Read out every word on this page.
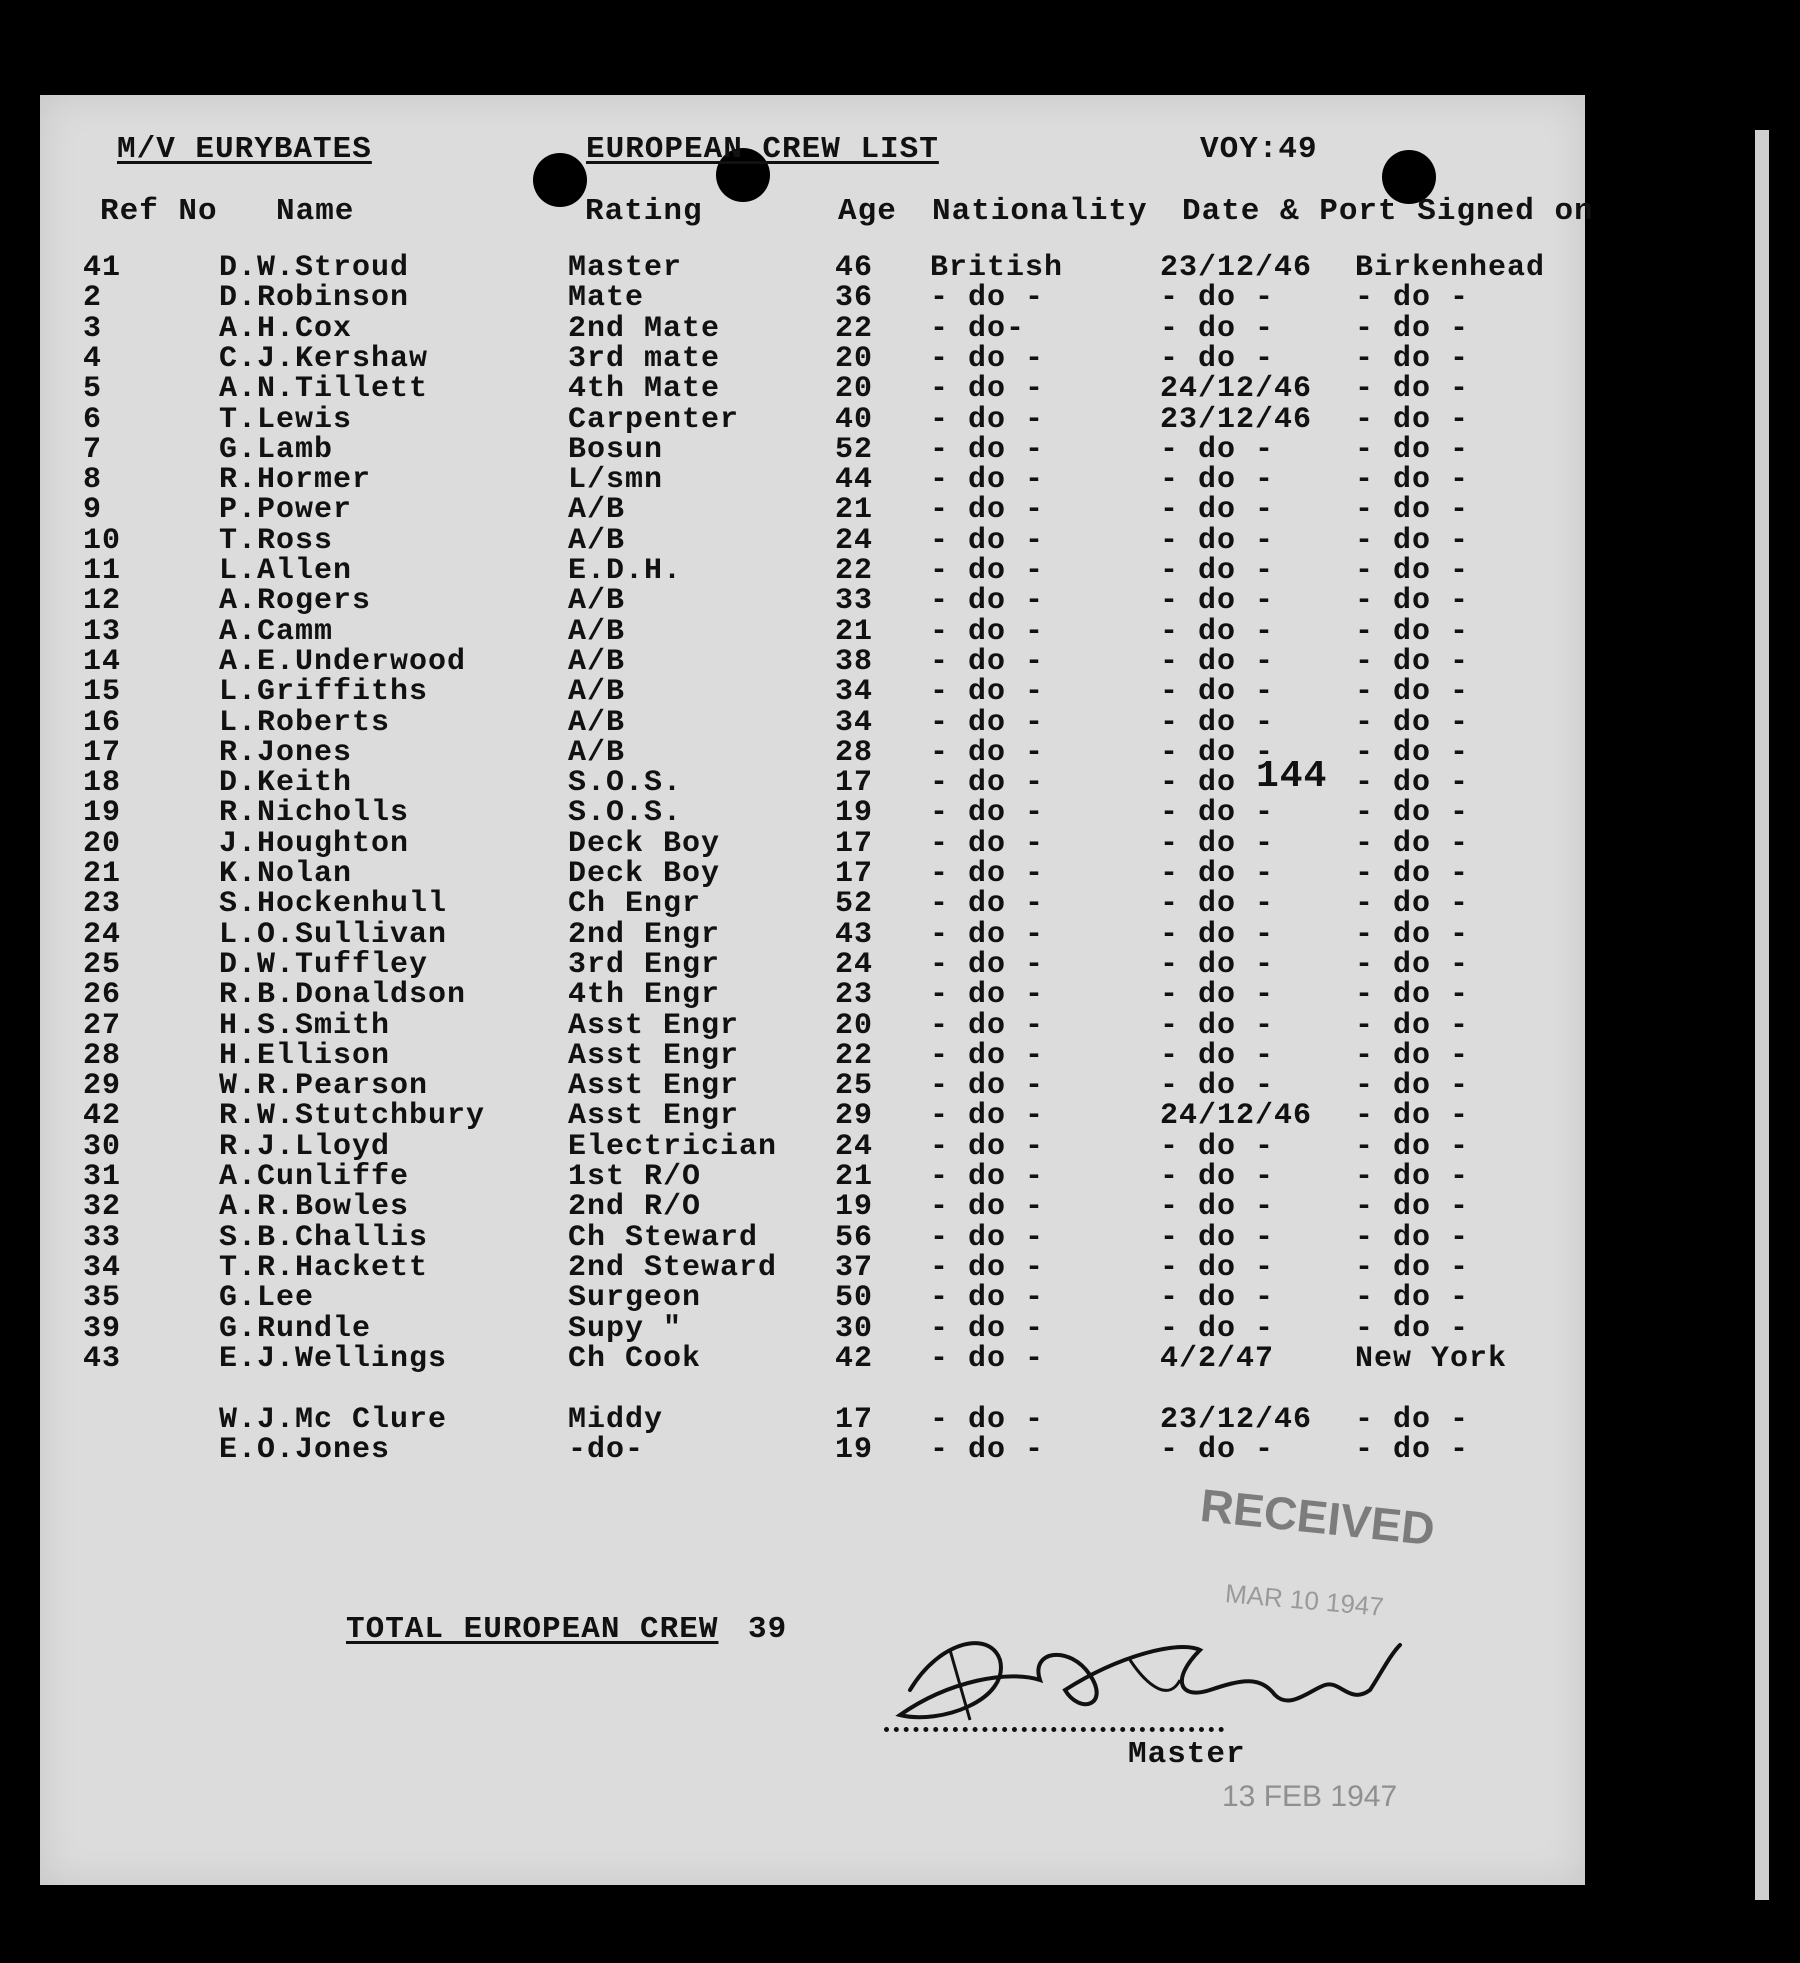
M/V EURYBATES	EUROPEAN CREW LIST	VOY:49
Ref No Name	Rating	Age Nationality Date & Port Signed on
41	D.W.Stroud	Master	46 British	23/12/46 Birkenhead
2	D.Robinson	Mate	36 - do -	- do -	- do -
3	A.H.Cox	2nd Mate	22 - do-	- do -	- do -
4	C.J.Kershaw	3rd mate	20 - do -	- do -	- do -
5	A.N.Tillett	4th Mate	20 - do -	24/12/46 - do -
6	T.Lewis	Carpenter	40 - do -	23/12/46 - do -
7	G.Lamb	Bosun	52 - do -	- do -	- do -
8	R.Hormer	L/smn	44 - do -	- do -	- do -
9	P.Power	A/B	21 - do -	- do -	- do -
10	T.Ross	A/B	24 - do -	- do -	- do -
11	L.Allen	E.D.H.	22 - do -	- do -	- do -
12	A.Rogers	A/B	33 - do -	- do -	- do -
13	A.Camm	A/B	21 - do -	- do -	- do -
14	A.E.Underwood	A/B	38 - do -	- do -	- do -
15	L.Griffiths	A/B	34 - do -	- do -	- do -
16	L.Roberts	A/B	34 - do -	- do -	- do -
17	R.Jones	A/B	28 - do -	- do -	- do -
18	D.Keith	S.O.S.	17 - do -	- do	- do -
19	R.Nicholls	S.O.S.	19 - do -	- do -	- do -
20	J.Houghton	Deck Boy	17 - do -	- do -	- do -
21	K.Nolan	Deck Boy	17 - do -	- do -	- do -
23	S.Hockenhull	Ch Engr	52 - do -	- do -	- do -
24	L.O.Sullivan	2nd Engr	43 - do -	- do -	- do -
25	D.W.Tuffley	3rd Engr	24 - do -	- do -	- do -
26	R.B.Donaldson	4th Engr	23 - do -	- do -	- do -
27	H.S.Smith	Asst Engr	20 - do -	- do -	- do -
28	H.Ellison	Asst Engr	22 - do -	- do -	- do -
29	W.R.Pearson	Asst Engr	25 - do -	- do -	- do -
42	R.W.Stutchbury	Asst Engr	29 - do -	24/12/46 - do -
30	R.J.Lloyd	Electrician 24 - do -	- do -	- do -
31	A.Cunliffe	1st R/O	21 - do -	- do -	- do -
32	A.R.Bowles	2nd R/O	19 - do -	- do -	- do -
33	S.B.Challis	Ch Steward	56 - do -	- do -	- do -
34	T.R.Hackett	2nd Steward 37 - do -	- do -	- do -
35	G.Lee	Surgeon	50 - do -	- do -	- do -
39	G.Rundle	Supy "	30 - do -	- do -	- do -
43	E.J.Wellings	Ch Cook	42 - do -	4/2/47	New York
W.J.Mc Clure	Middy	17 - do -	23/12/46 - do -
E.O.Jones	-do-	19 - do -	- do -	- do -
144
RECEIVED
MAR 10 1947
TOTAL EUROPEAN CREW 39
Master
13 FEB 1947
